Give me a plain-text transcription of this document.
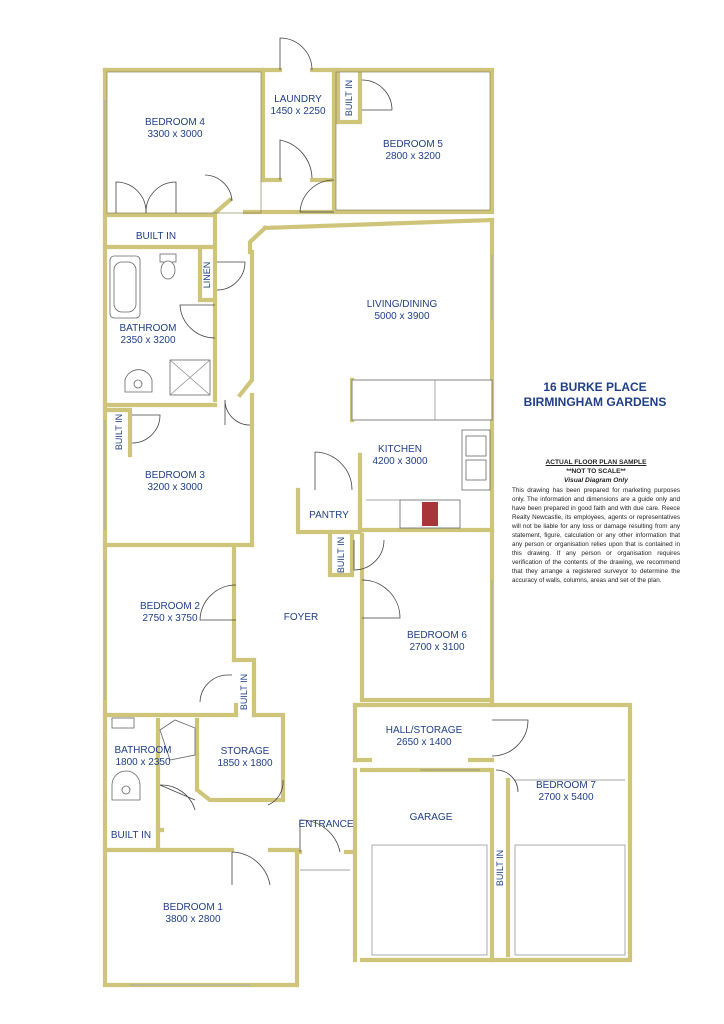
BEDROOM 4
3300 x 3000
LAUNDRY
1450 x 2250 BUILT IN
BEDROOM 5
2800 x 3200
BUILT IN
LINEN
BATHROOM
2350 x 3200
LIVING/DINING
5000 x 3900
BUILT IN
BEDROOM 3
3200 x 3000
KITCHEN
4200 x 3000
PANTRY
BUILT IN
BEDROOM 2
2750 x 3750	FOYER
BEDROOM 6
2700 x 3100
BUILT IN
HALL/STORAGE
2650 x 1400
BATHROOM
1800 x 2350
STORAGE
1850 x 1800
BEDROOM 7
2700 x 5400
GARAGE
BUILT IN
ENTRANCE
BUILT IN
BEDROOM 1
3800 x 2800
16 BURKE PLACE
BIRMINGHAM GARDENS
ACTUAL FLOOR PLAN SAMPLE
**NOT TO SCALE**
Visual Diagram Only
This drawing has been prepared for marketing purposes only. The information and dimensions are a guide only and have been prepared in good faith and with due care. Reece Realty Newcastle, its employees, agents or representatives will not be liable for any loss or damage resulting from any statement, figure, calculation or any other information that any person or organisation relies upon that is contained in this drawing. If any person or organisation requires verification of the contents of the drawing, we recommend that they arrange a registered surveyor to determine the accuracy of walls, columns, areas and set of the plan.
